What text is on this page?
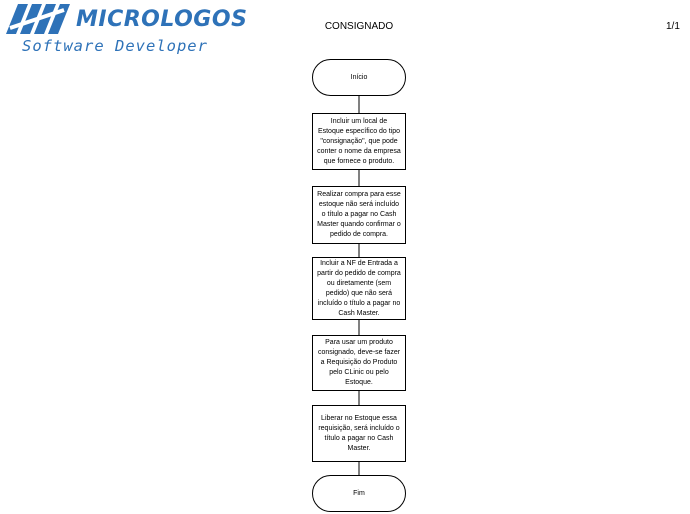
MICROLOGOS
Software Developer
CONSIGNADO	1/1
Início
Incluir um local de Estoque específico do tipo "consignação", que pode conter o nome da empresa que fornece o produto.
Realizar compra para esse estoque não será incluído o título a pagar no Cash Master quando confirmar o pedido de compra.
Incluir a NF de Entrada a partir do pedido de compra ou diretamente (sem pedido) que não será incluído o título a pagar no Cash Master.
Para usar um produto consignado, deve-se fazer a Requisição do Produto pelo CLinic ou pelo Estoque.
Liberar no Estoque essa requisição, será incluído o título a pagar no Cash Master.
Fim
